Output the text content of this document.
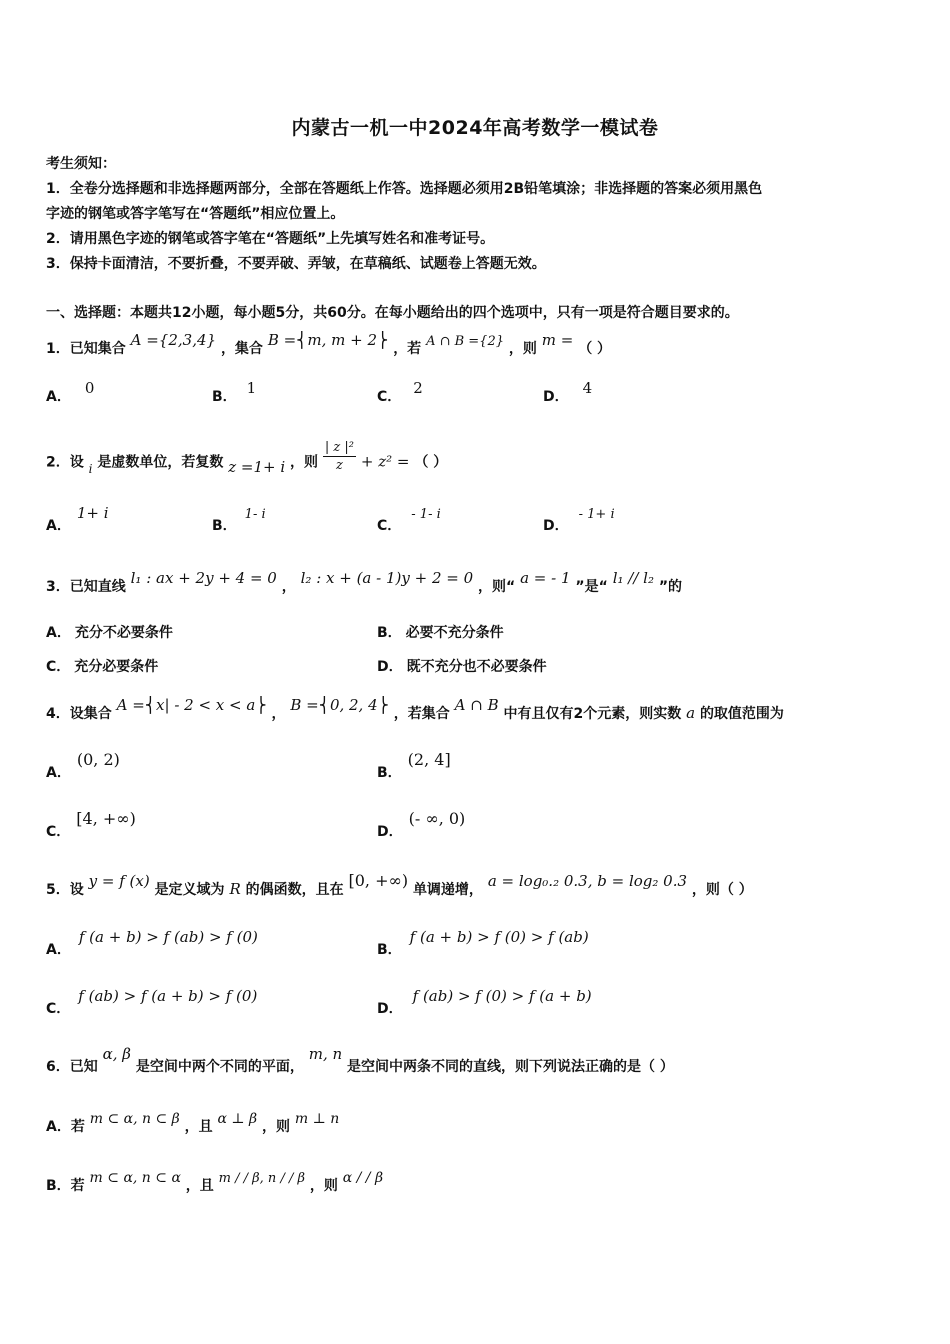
内蒙古一机一中2024年高考数学一模试卷
考生须知：
1．全卷分选择题和非选择题两部分，全部在答题纸上作答。选择题必须用2B铅笔填涂；非选择题的答案必须用黑色
字迹的钢笔或答字笔写在“答题纸”相应位置上。
2．请用黑色字迹的钢笔或答字笔在“答题纸”上先填写姓名和准考证号。
3．保持卡面清洁，不要折叠，不要弄破、弄皱，在草稿纸、试题卷上答题无效。
一、选择题：本题共12小题，每小题5分，共60分。在每小题给出的四个选项中，只有一项是符合题目要求的。
1．已知集合 A ={2,3,4} ，集合 B =⎨m, m + 2⎬ ，若 A ∩ B ={2} ，则 m = （ ）
A． 0	B． 1	C． 2	D． 4
2．设 i 是虚数单位，若复数 z =1+ i ，则 $\frac{\text{| z |²}}{z} + z^2$ = （ ）
A．1+ i
B．1- i
C．- 1- i
D．- 1+ i
3．已知直线 l₁ : ax + 2y + 4 = 0 ， l₂ : x + (a - 1)y + 2 = 0 ，则“ a = - 1 ”是“ l₁ // l₂ ”的
A． 充分不必要条件	B． 必要不充分条件
C． 充分必要条件	D． 既不充分也不必要条件
4．设集合 A =⎨x| - 2 < x < a⎬ ， B =⎨0, 2, 4⎬ ，若集合 A ∩ B 中有且仅有2个元素，则实数 a 的取值范围为
A．(0, 2)
B．(2, 4]
C．[4, +∞)
D．(- ∞, 0)
5．设 y = f (x) 是定义域为 R 的偶函数，且在 [0, +∞) 单调递增， a = log₀.₂ 0.3, b = log₂ 0.3 ，则（ ）
A．f (a + b) > f (ab) > f (0)
B．f (a + b) > f (0) > f (ab)
C．f (ab) > f (a + b) > f (0)
D．f (ab) > f (0) > f (a + b)
6．已知 α, β 是空间中两个不同的平面， m, n 是空间中两条不同的直线，则下列说法正确的是（ ）
A．若 m ⊂ α, n ⊂ β ，且 α ⊥ β ，则 m ⊥ n
B．若 m ⊂ α, n ⊂ α ，且 m / / β, n / / β ，则 α / / β
